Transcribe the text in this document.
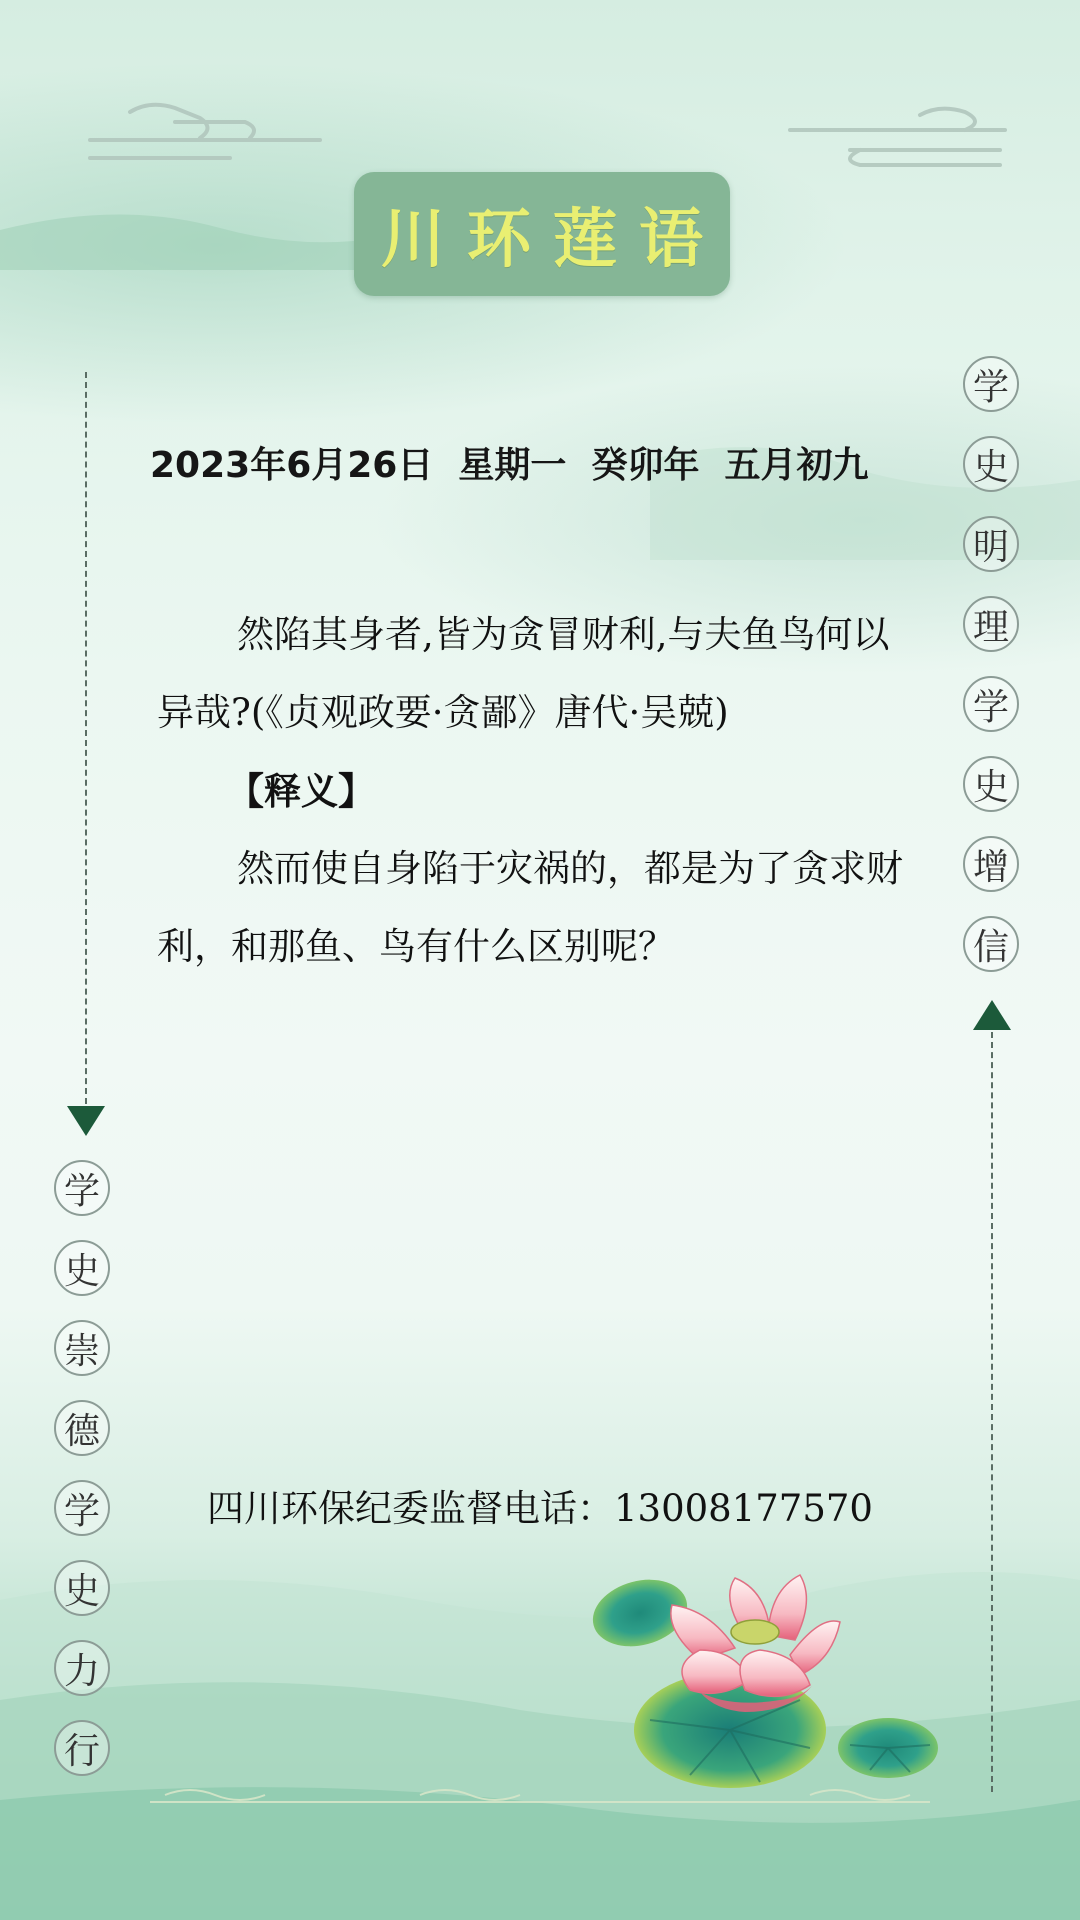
川环莲语
2023年6月26日  星期一  癸卯年  五月初九

然陷其身者,皆为贪冒财利,与夫鱼鸟何以异哉?(《贞观政要·贪鄙》唐代·吴兢)

【释义】

然而使自身陷于灾祸的，都是为了贪求财利，和那鱼、鸟有什么区别呢？

四川环保纪委监督电话：13008177570
学
史
明
理
学
史
增
信
学
史
崇
德
学
史
力
行
